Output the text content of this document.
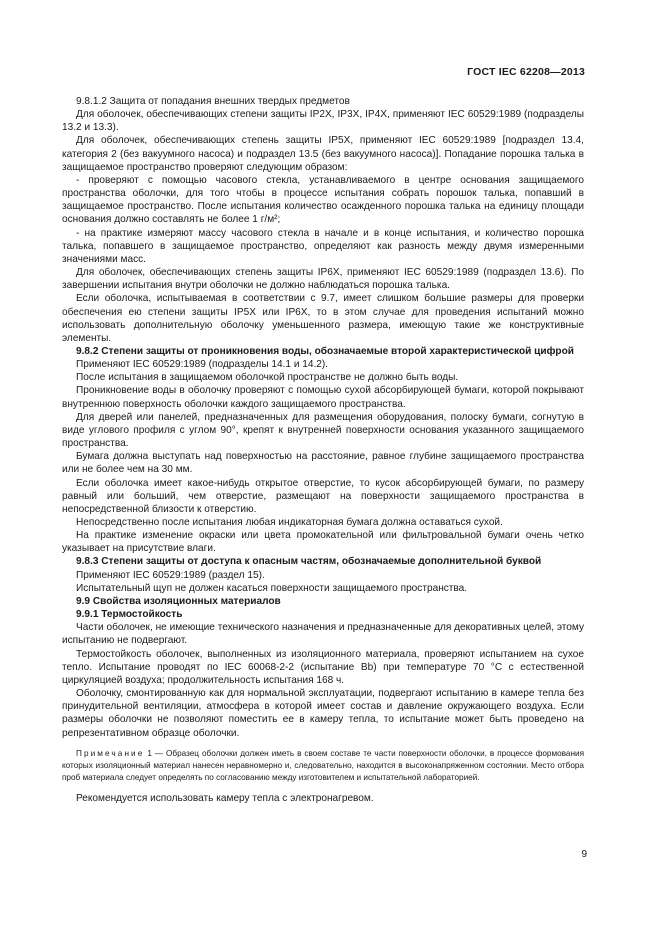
ГОСТ IEC 62208—2013

9.8.1.2 Защита от попадания внешних твердых предметов

Для оболочек, обеспечивающих степени защиты IP2X, IP3X, IP4X, применяют IEC 60529:1989 (подразделы 13.2 и 13.3).

Для оболочек, обеспечивающих степень защиты IP5X, применяют IEC 60529:1989 [подраздел 13.4, категория 2 (без вакуумного насоса) и подраздел 13.5 (без вакуумного насоса)]. Попадание порошка талька в защищаемое пространство проверяют следующим образом:

- проверяют с помощью часового стекла, устанавливаемого в центре основания защищаемого пространства оболочки, для того чтобы в процессе испытания собрать порошок талька, попавший в защищаемое пространство. После испытания количество осажденного порошка талька на единицу площади основания должно составлять не более 1 г/м²;

- на практике измеряют массу часового стекла в начале и в конце испытания, и количество порошка талька, попавшего в защищаемое пространство, определяют как разность между двумя измеренными значениями масс.

Для оболочек, обеспечивающих степень защиты IP6X, применяют IEC 60529:1989 (подраздел 13.6). По завершении испытания внутри оболочки не должно наблюдаться порошка талька.

Если оболочка, испытываемая в соответствии с 9.7, имеет слишком большие размеры для проверки обеспечения ею степени защиты IP5X или IP6X, то в этом случае для проведения испытаний можно использовать дополнительную оболочку уменьшенного размера, имеющую такие же конструктивные элементы.

9.8.2 Степени защиты от проникновения воды, обозначаемые второй характеристической цифрой

Применяют IEC 60529:1989 (подразделы 14.1 и 14.2).

После испытания в защищаемом оболочкой пространстве не должно быть воды.

Проникновение воды в оболочку проверяют с помощью сухой абсорбирующей бумаги, которой покрывают внутреннюю поверхность оболочки каждого защищаемого пространства.

Для дверей или панелей, предназначенных для размещения оборудования, полоску бумаги, согнутую в виде углового профиля с углом 90°, крепят к внутренней поверхности основания указанного защищаемого пространства.

Бумага должна выступать над поверхностью на расстояние, равное глубине защищаемого пространства или не более чем на 30 мм.

Если оболочка имеет какое-нибудь открытое отверстие, то кусок абсорбирующей бумаги, по размеру равный или больший, чем отверстие, размещают на поверхности защищаемого пространства в непосредственной близости к отверстию.

Непосредственно после испытания любая индикаторная бумага должна оставаться сухой.

На практике изменение окраски или цвета промокательной или фильтровальной бумаги очень четко указывает на присутствие влаги.

9.8.3 Степени защиты от доступа к опасным частям, обозначаемые дополнительной буквой

Применяют IEC 60529:1989 (раздел 15).

Испытательный щуп не должен касаться поверхности защищаемого пространства.

9.9 Свойства изоляционных материалов

9.9.1 Термостойкость

Части оболочек, не имеющие технического назначения и предназначенные для декоративных целей, этому испытанию не подвергают.

Термостойкость оболочек, выполненных из изоляционного материала, проверяют испытанием на сухое тепло. Испытание проводят по IEC 60068-2-2 (испытание Bb) при температуре 70 °С с естественной циркуляцией воздуха; продолжительность испытания 168 ч.

Оболочку, смонтированную как для нормальной эксплуатации, подвергают испытанию в камере тепла без принудительной вентиляции, атмосфера в которой имеет состав и давление окружающего воздуха. Если размеры оболочки не позволяют поместить ее в камеру тепла, то испытание может быть проведено на репрезентативном образце оболочки.

Примечание 1 — Образец оболочки должен иметь в своем составе те части поверхности оболочки, в процессе формования которых изоляционный материал нанесен неравномерно и, следовательно, находится в высоконапряженном состоянии. Место отбора проб материала следует определять по согласованию между изготовителем и испытательной лабораторией.

Рекомендуется использовать камеру тепла с электронагревом.

9
